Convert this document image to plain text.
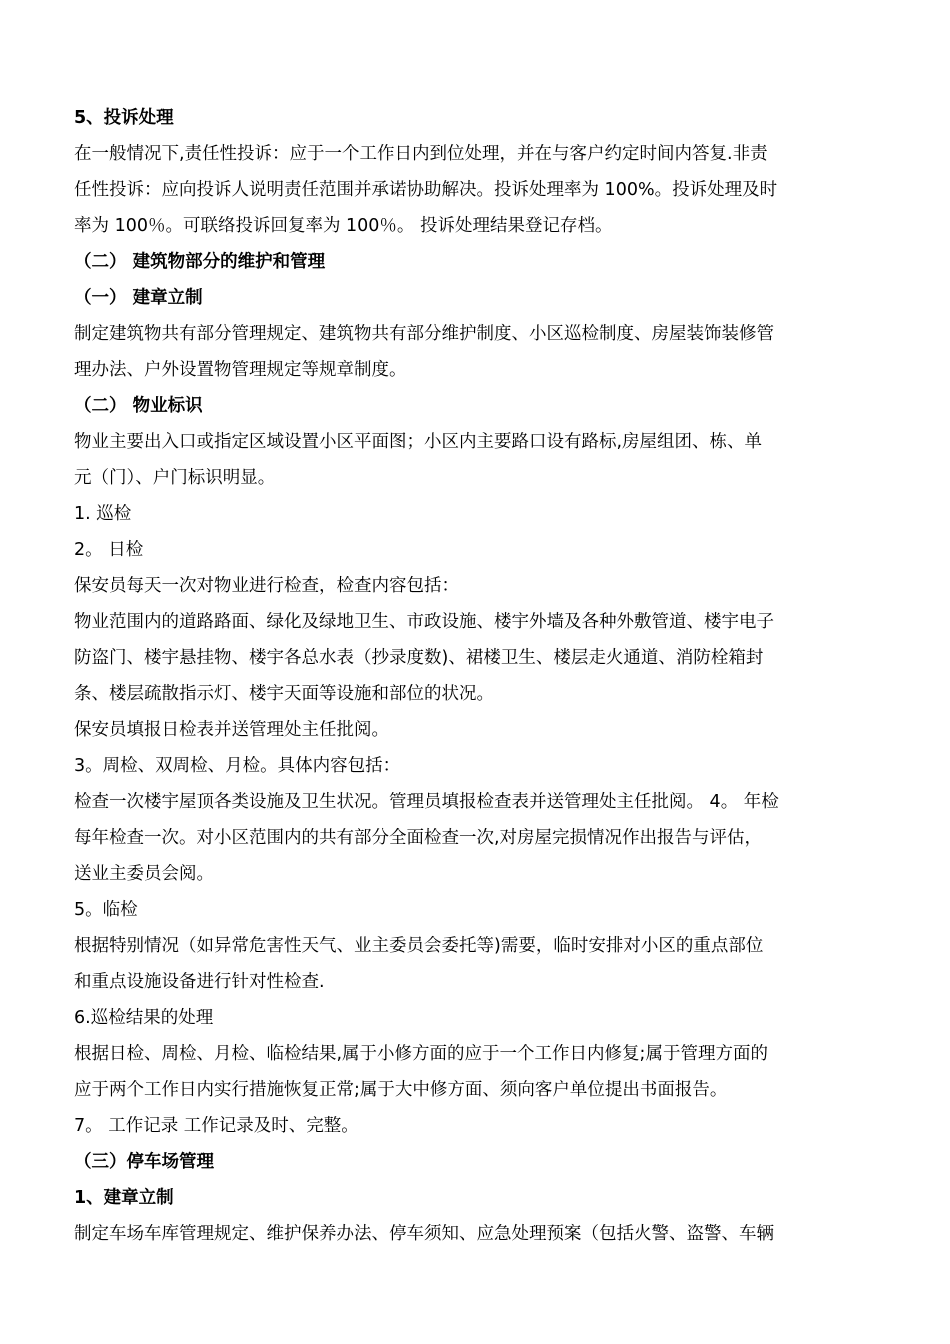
5、投诉处理
在一般情况下,责任性投诉：应于一个工作日内到位处理，并在与客户约定时间内答复.非责
任性投诉：应向投诉人说明责任范围并承诺协助解决。投诉处理率为 100%。投诉处理及时
率为 100％。可联络投诉回复率为 100％。 投诉处理结果登记存档。
（二） 建筑物部分的维护和管理
（一） 建章立制
制定建筑物共有部分管理规定、建筑物共有部分维护制度、小区巡检制度、房屋装饰装修管
理办法、户外设置物管理规定等规章制度。
（二） 物业标识
物业主要出入口或指定区域设置小区平面图；小区内主要路口设有路标,房屋组团、栋、单
元（门）、户门标识明显。
1. 巡检
2。 日检
保安员每天一次对物业进行检查，检查内容包括：
物业范围内的道路路面、绿化及绿地卫生、市政设施、楼宇外墙及各种外敷管道、楼宇电子
防盗门、楼宇悬挂物、楼宇各总水表（抄录度数)、裙楼卫生、楼层走火通道、消防栓箱封
条、楼层疏散指示灯、楼宇天面等设施和部位的状况。
保安员填报日检表并送管理处主任批阅。
3。周检、双周检、月检。具体内容包括：
检查一次楼宇屋顶各类设施及卫生状况。管理员填报检查表并送管理处主任批阅。 4。 年检
每年检查一次。对小区范围内的共有部分全面检查一次,对房屋完损情况作出报告与评估，
送业主委员会阅。
5。临检
根据特别情况（如异常危害性天气、业主委员会委托等)需要，临时安排对小区的重点部位
和重点设施设备进行针对性检查.
6.巡检结果的处理
根据日检、周检、月检、临检结果,属于小修方面的应于一个工作日内修复;属于管理方面的
应于两个工作日内实行措施恢复正常;属于大中修方面、须向客户单位提出书面报告。
7。 工作记录 工作记录及时、完整。
（三）停车场管理
1、建章立制
制定车场车库管理规定、维护保养办法、停车须知、应急处理预案（包括火警、盗警、车辆
